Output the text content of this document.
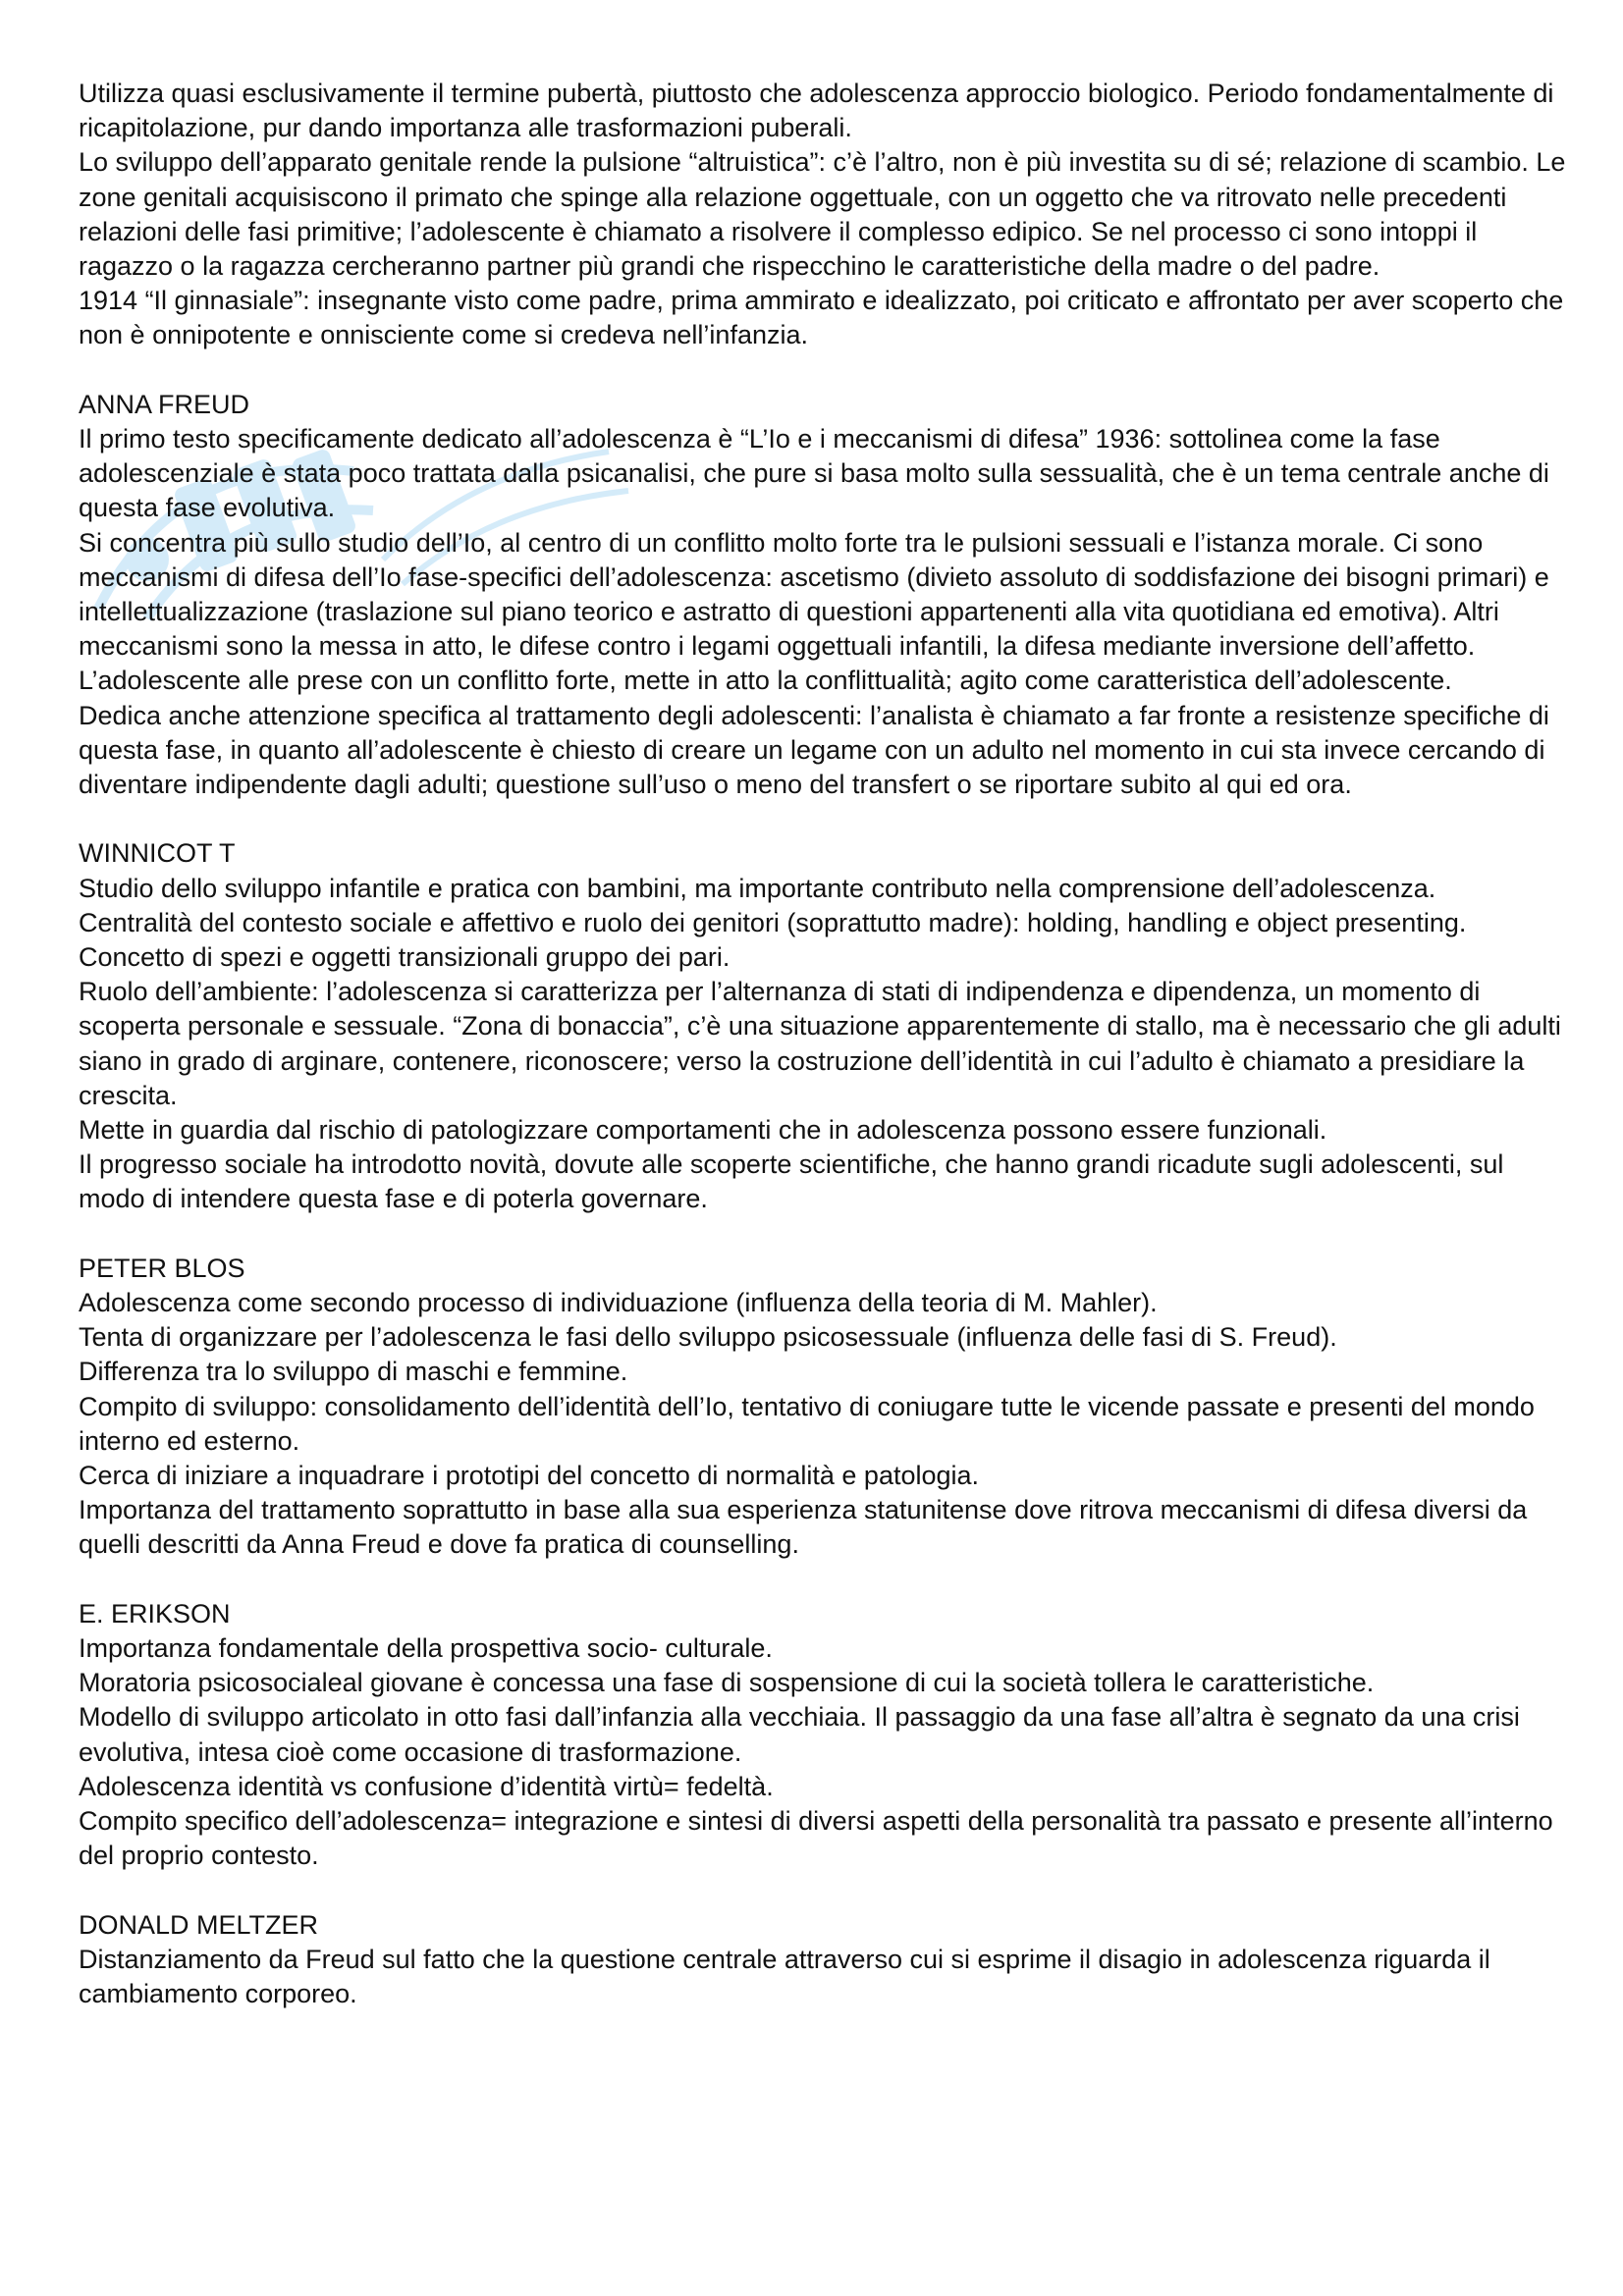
Utilizza quasi esclusivamente il termine pubertà, piuttosto che adolescenza approccio biologico. Periodo fondamentalmente di ricapitolazione, pur dando importanza alle trasformazioni puberali.

Lo sviluppo dell’apparato genitale rende la pulsione “altruistica”: c’è l’altro, non è più investita su di sé; relazione di scambio. Le zone genitali acquisiscono il primato che spinge alla relazione oggettuale, con un oggetto che va ritrovato nelle precedenti relazioni delle fasi primitive; l’adolescente è chiamato a risolvere il complesso edipico. Se nel processo ci sono intoppi il ragazzo o la ragazza cercheranno partner più grandi che rispecchino le caratteristiche della madre o del padre.

1914 “Il ginnasiale”: insegnante visto come padre, prima ammirato e idealizzato, poi criticato e affrontato per aver scoperto che non è onnipotente e onnisciente come si credeva nell’infanzia.

ANNA FREUD

Il primo testo specificamente dedicato all’adolescenza è “L’Io e i meccanismi di difesa” 1936: sottolinea come la fase adolescenziale è stata poco trattata dalla psicanalisi, che pure si basa molto sulla sessualità, che è un tema centrale anche di questa fase evolutiva.

Si concentra più sullo studio dell’Io, al centro di un conflitto molto forte tra le pulsioni sessuali e l’istanza morale. Ci sono meccanismi di difesa dell’Io fase-specifici dell’adolescenza: ascetismo (divieto assoluto di soddisfazione dei bisogni primari) e intellettualizzazione (traslazione sul piano teorico e astratto di questioni appartenenti alla vita quotidiana ed emotiva). Altri meccanismi sono la messa in atto, le difese contro i legami oggettuali infantili, la difesa mediante inversione dell’affetto. L’adolescente alle prese con un conflitto forte, mette in atto la conflittualità; agito come caratteristica dell’adolescente.

Dedica anche attenzione specifica al trattamento degli adolescenti: l’analista è chiamato a far fronte a resistenze specifiche di questa fase, in quanto all’adolescente è chiesto di creare un legame con un adulto nel momento in cui sta invece cercando di diventare indipendente dagli adulti; questione sull’uso o meno del transfert o se riportare subito al qui ed ora.

WINNICOT T

Studio dello sviluppo infantile e pratica con bambini, ma importante contributo nella comprensione dell’adolescenza.

Centralità del contesto sociale e affettivo e ruolo dei genitori (soprattutto madre): holding, handling e object presenting.

Concetto di spezi e oggetti transizionali gruppo dei pari.

Ruolo dell’ambiente: l’adolescenza si caratterizza per l’alternanza di stati di indipendenza e dipendenza, un momento di scoperta personale e sessuale. “Zona di bonaccia”, c’è una situazione apparentemente di stallo, ma è necessario che gli adulti siano in grado di arginare, contenere, riconoscere; verso la costruzione dell’identità in cui l’adulto è chiamato a presidiare la crescita.

Mette in guardia dal rischio di patologizzare comportamenti che in adolescenza possono essere funzionali.

Il progresso sociale ha introdotto novità, dovute alle scoperte scientifiche, che hanno grandi ricadute sugli adolescenti, sul modo di intendere questa fase e di poterla governare.

PETER BLOS

Adolescenza come secondo processo di individuazione (influenza della teoria di M. Mahler).

Tenta di organizzare per l’adolescenza le fasi dello sviluppo psicosessuale (influenza delle fasi di S. Freud).

Differenza tra lo sviluppo di maschi e femmine.

Compito di sviluppo: consolidamento dell’identità dell’Io, tentativo di coniugare tutte le vicende passate e presenti del mondo interno ed esterno.

Cerca di iniziare a inquadrare i prototipi del concetto di normalità e patologia.

Importanza del trattamento soprattutto in base alla sua esperienza statunitense dove ritrova meccanismi di difesa diversi da quelli descritti da Anna Freud e dove fa pratica di counselling.

E. ERIKSON

Importanza fondamentale della prospettiva socio- culturale.

Moratoria psicosocialeal giovane è concessa una fase di sospensione di cui la società tollera le caratteristiche.

Modello di sviluppo articolato in otto fasi dall’infanzia alla vecchiaia. Il passaggio da una fase all’altra è segnato da una crisi evolutiva, intesa cioè come occasione di trasformazione.

Adolescenza identità vs confusione d’identità virtù= fedeltà.

Compito specifico dell’adolescenza= integrazione e sintesi di diversi aspetti della personalità tra passato e presente all’interno del proprio contesto.

DONALD MELTZER

Distanziamento da Freud sul fatto che la questione centrale attraverso cui si esprime il disagio in adolescenza riguarda il cambiamento corporeo.
